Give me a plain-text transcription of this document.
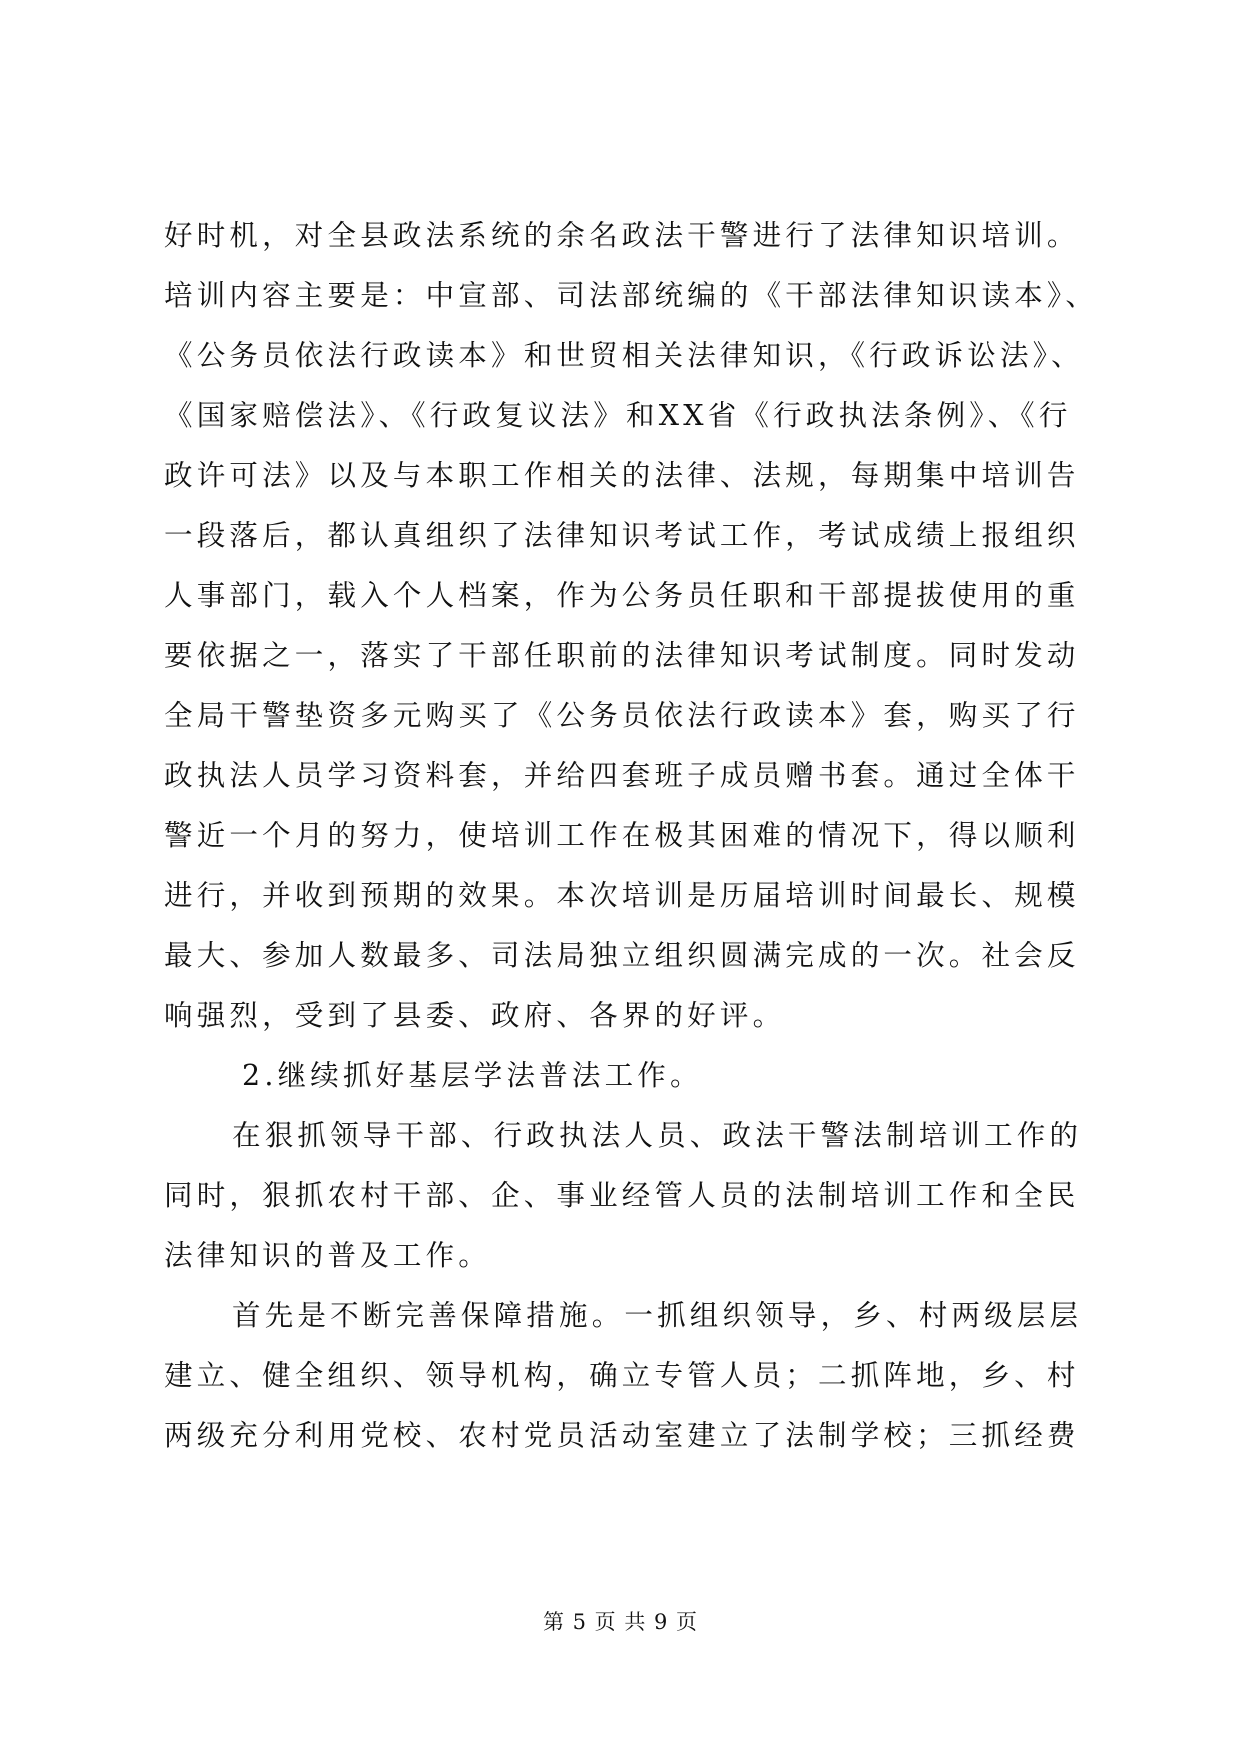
好时机，对全县政法系统的余名政法干警进行了法律知识培训。

培训内容主要是：中宣部、司法部统编的《干部法律知识读本》、

《公务员依法行政读本》和世贸相关法律知识，《行政诉讼法》、

《国家赔偿法》、《行政复议法》和XX省《行政执法条例》、《行

政许可法》以及与本职工作相关的法律、法规，每期集中培训告

一段落后，都认真组织了法律知识考试工作，考试成绩上报组织

人事部门，载入个人档案，作为公务员任职和干部提拔使用的重

要依据之一，落实了干部任职前的法律知识考试制度。同时发动

全局干警垫资多元购买了《公务员依法行政读本》套，购买了行

政执法人员学习资料套，并给四套班子成员赠书套。通过全体干

警近一个月的努力，使培训工作在极其困难的情况下，得以顺利

进行，并收到预期的效果。本次培训是历届培训时间最长、规模

最大、参加人数最多、司法局独立组织圆满完成的一次。社会反

响强烈，受到了县委、政府、各界的好评。

2.继续抓好基层学法普法工作。

在狠抓领导干部、行政执法人员、政法干警法制培训工作的

同时，狠抓农村干部、企、事业经管人员的法制培训工作和全民

法律知识的普及工作。

首先是不断完善保障措施。一抓组织领导，乡、村两级层层

建立、健全组织、领导机构，确立专管人员；二抓阵地，乡、村

两级充分利用党校、农村党员活动室建立了法制学校；三抓经费

第 5 页 共 9 页
